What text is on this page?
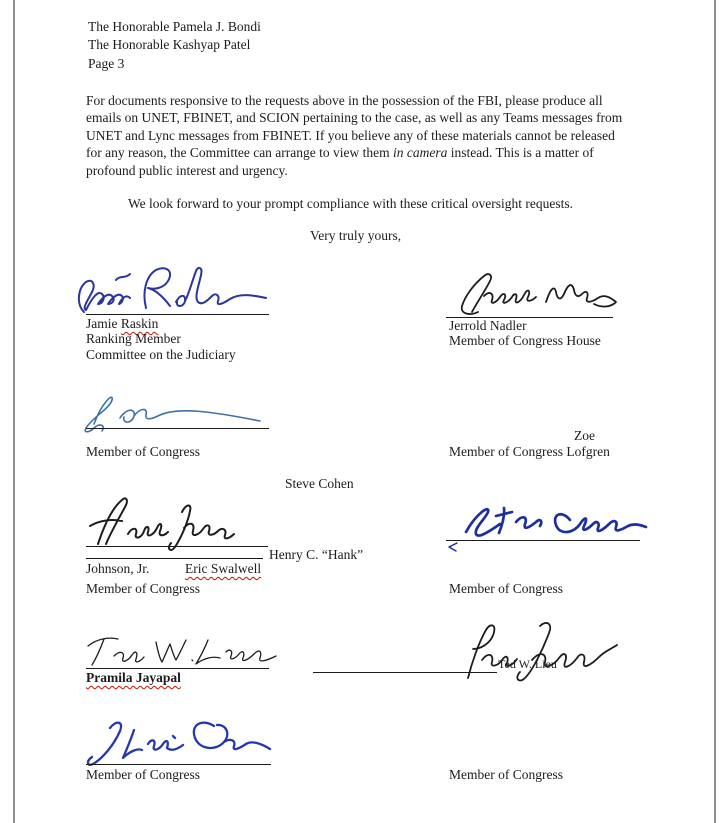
The Honorable Pamela J. Bondi
The Honorable Kashyap Patel
Page 3
For documents responsive to the requests above in the possession of the FBI, please produce all emails on UNET, FBINET, and SCION pertaining to the case, as well as any Teams messages from UNET and Lync messages from FBINET. If you believe any of these materials cannot be released for any reason, the Committee can arrange to view them in camera instead. This is a matter of profound public interest and urgency.
We look forward to your prompt compliance with these critical oversight requests.
Very truly yours,
Jamie Raskin
Ranking Member
Committee on the Judiciary
Jerrold Nadler
Member of Congress House
Member of Congress
Zoe
Member of Congress Lofgren
Steve Cohen
Henry C. “Hank”
Johnson, Jr.	Eric Swalwell
Member of Congress	Member of Congress
Pramila Jayapal
Ted W. Lieu
Member of Congress	Member of Congress
